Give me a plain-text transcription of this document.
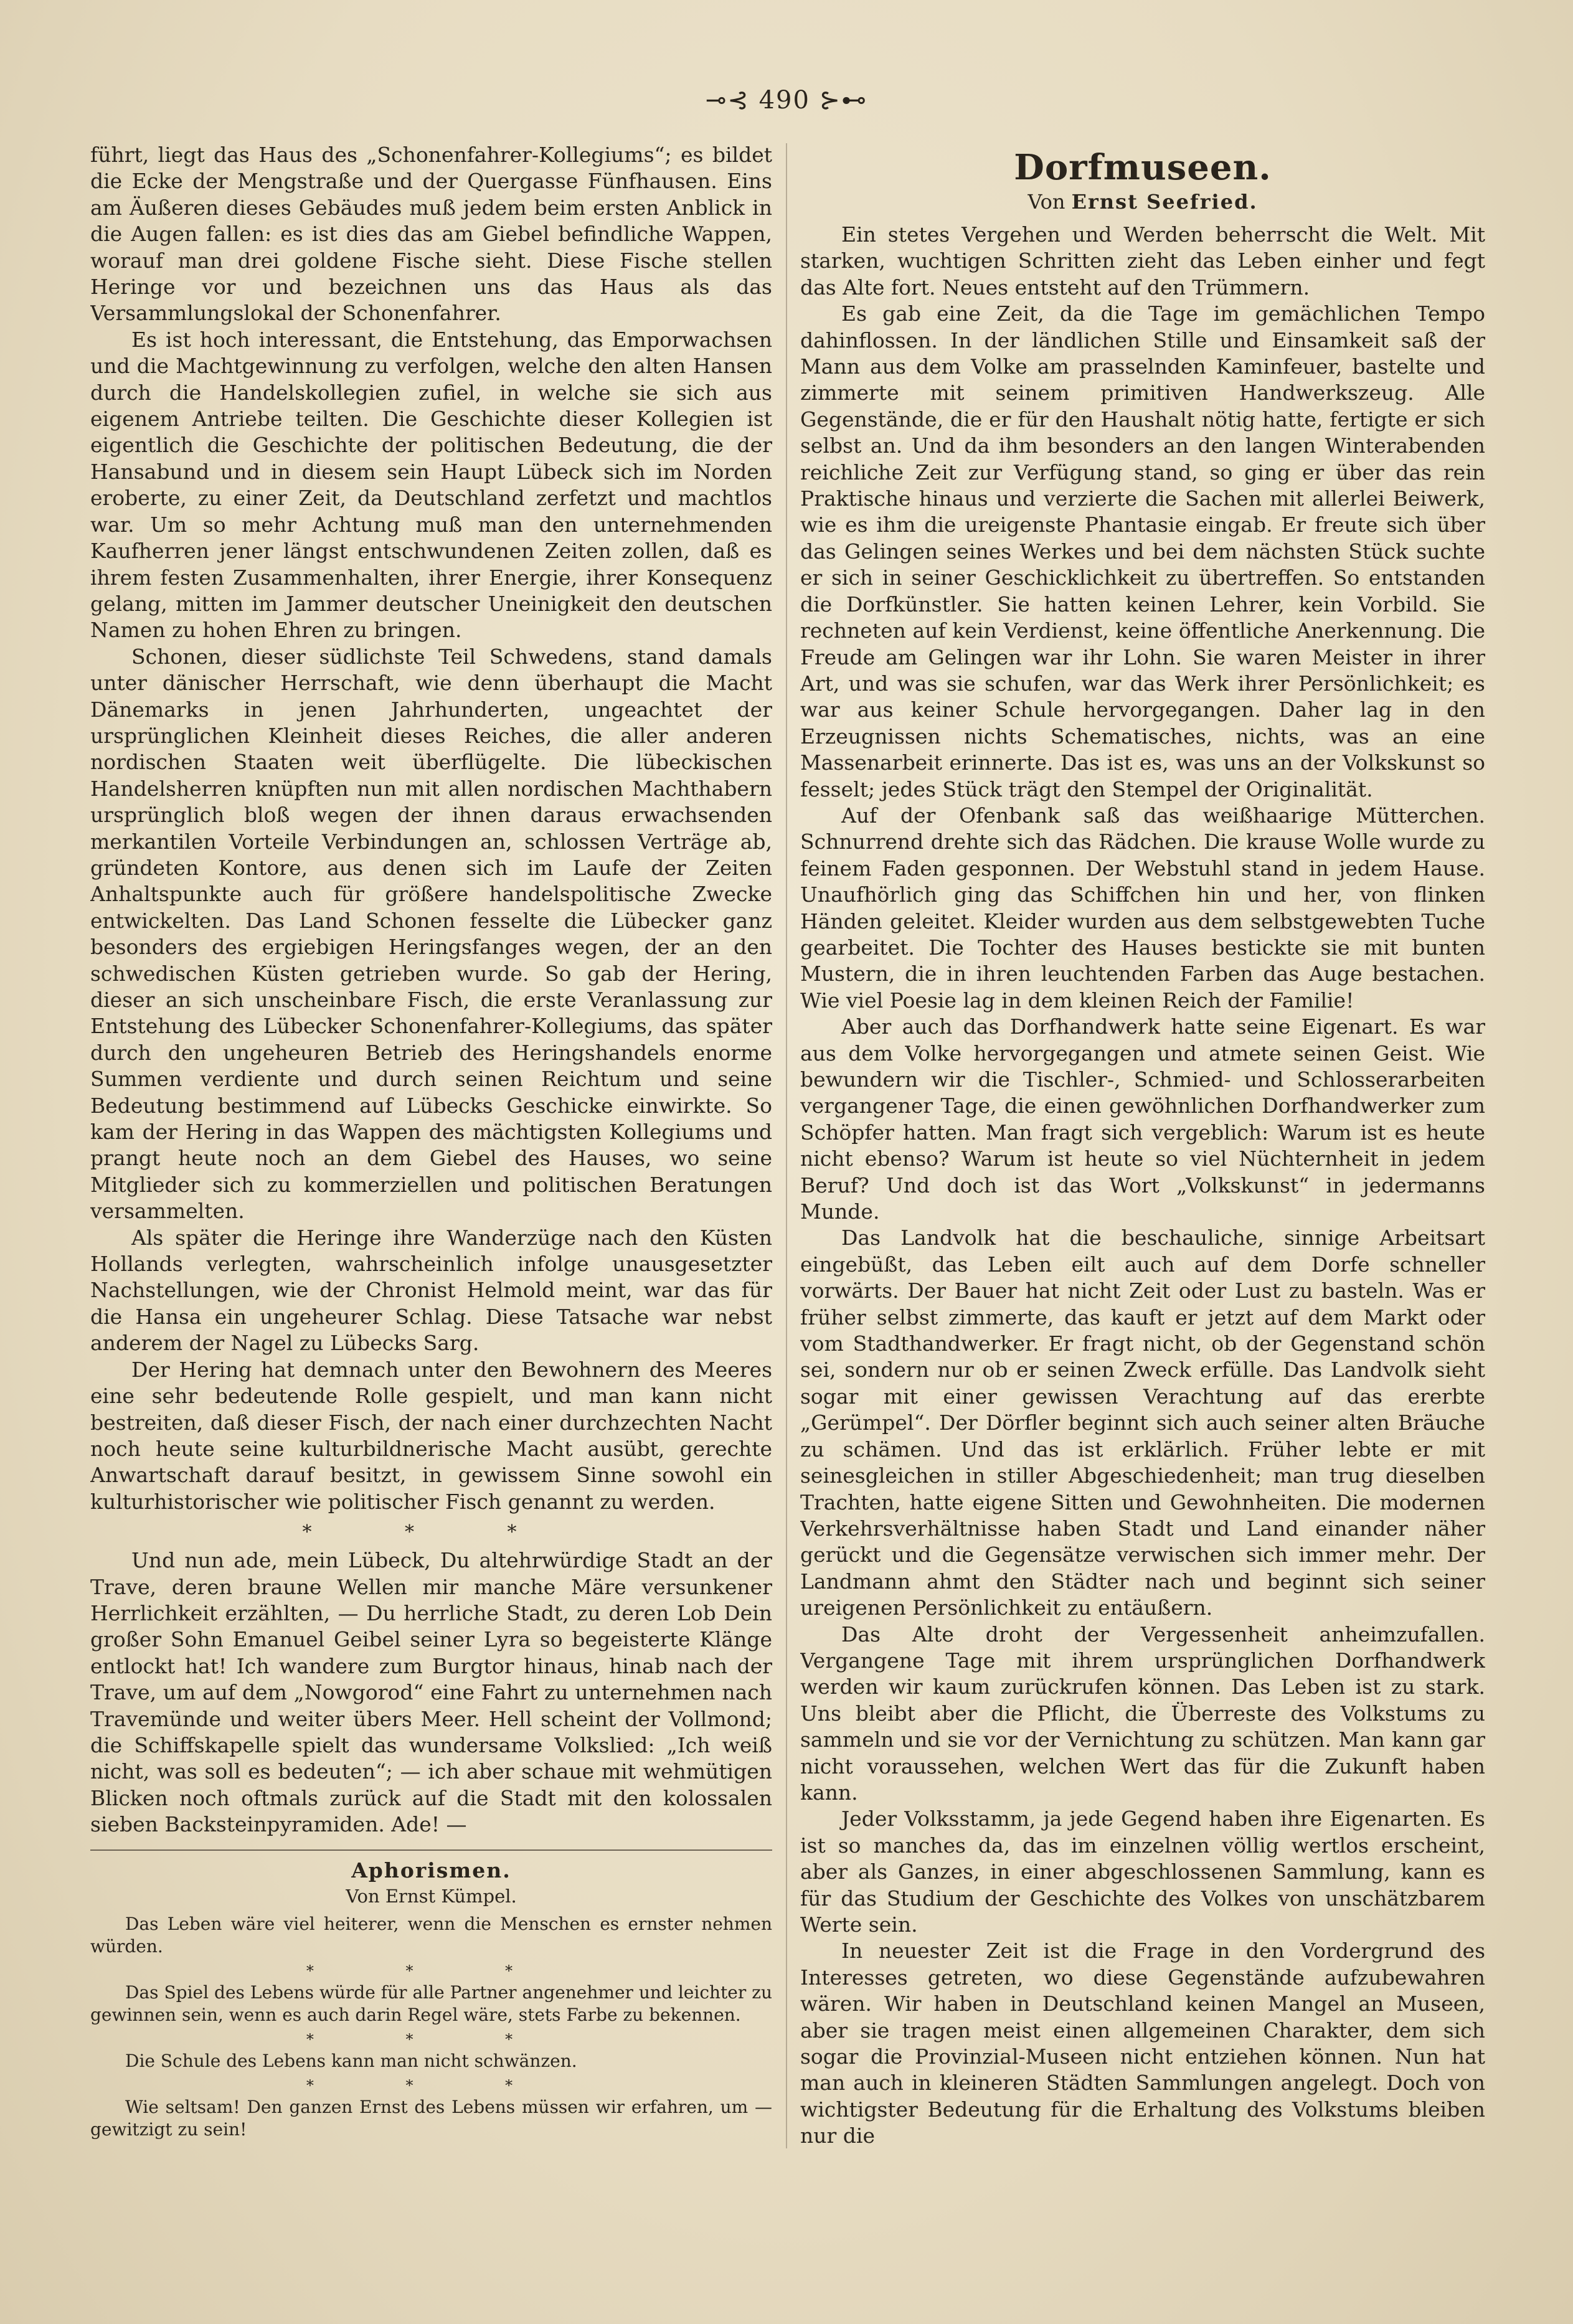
⊸⊰ 490 ⊱⊷

führt, liegt das Haus des „Schonenfahrer-Kollegiums“; es bildet die Ecke der Mengstraße und der Quergasse Fünfhausen. Eins am Äußeren dieses Gebäudes muß jedem beim ersten Anblick in die Augen fallen: es ist dies das am Giebel befindliche Wappen, worauf man drei goldene Fische sieht. Diese Fische stellen Heringe vor und bezeichnen uns das Haus als das Versammlungslokal der Schonenfahrer.

Es ist hoch interessant, die Entstehung, das Emporwachsen und die Machtgewinnung zu verfolgen, welche den alten Hansen durch die Handelskollegien zufiel, in welche sie sich aus eigenem Antriebe teilten. Die Geschichte dieser Kollegien ist eigentlich die Geschichte der politischen Bedeutung, die der Hansabund und in diesem sein Haupt Lübeck sich im Norden eroberte, zu einer Zeit, da Deutschland zerfetzt und machtlos war. Um so mehr Achtung muß man den unternehmenden Kaufherren jener längst entschwundenen Zeiten zollen, daß es ihrem festen Zusammenhalten, ihrer Energie, ihrer Konsequenz gelang, mitten im Jammer deutscher Uneinigkeit den deutschen Namen zu hohen Ehren zu bringen.

Schonen, dieser südlichste Teil Schwedens, stand damals unter dänischer Herrschaft, wie denn überhaupt die Macht Dänemarks in jenen Jahrhunderten, ungeachtet der ursprünglichen Kleinheit dieses Reiches, die aller anderen nordischen Staaten weit überflügelte. Die lübeckischen Handelsherren knüpften nun mit allen nordischen Machthabern ursprünglich bloß wegen der ihnen daraus erwachsenden merkantilen Vorteile Verbindungen an, schlossen Verträge ab, gründeten Kontore, aus denen sich im Laufe der Zeiten Anhaltspunkte auch für größere handelspolitische Zwecke entwickelten. Das Land Schonen fesselte die Lübecker ganz besonders des ergiebigen Heringsfanges wegen, der an den schwedischen Küsten getrieben wurde. So gab der Hering, dieser an sich unscheinbare Fisch, die erste Veranlassung zur Entstehung des Lübecker Schonenfahrer-Kollegiums, das später durch den ungeheuren Betrieb des Heringshandels enorme Summen verdiente und durch seinen Reichtum und seine Bedeutung bestimmend auf Lübecks Geschicke einwirkte. So kam der Hering in das Wappen des mächtigsten Kollegiums und prangt heute noch an dem Giebel des Hauses, wo seine Mitglieder sich zu kommerziellen und politischen Beratungen versammelten.

Als später die Heringe ihre Wanderzüge nach den Küsten Hollands verlegten, wahrscheinlich infolge unausgesetzter Nachstellungen, wie der Chronist Helmold meint, war das für die Hansa ein ungeheurer Schlag. Diese Tatsache war nebst anderem der Nagel zu Lübecks Sarg.

Der Hering hat demnach unter den Bewohnern des Meeres eine sehr bedeutende Rolle gespielt, und man kann nicht bestreiten, daß dieser Fisch, der nach einer durchzechten Nacht noch heute seine kulturbildnerische Macht ausübt, gerechte Anwartschaft darauf besitzt, in gewissem Sinne sowohl ein kulturhistorischer wie politischer Fisch genannt zu werden.

* * *

Und nun ade, mein Lübeck, Du altehrwürdige Stadt an der Trave, deren braune Wellen mir manche Märe versunkener Herrlichkeit erzählten, — Du herrliche Stadt, zu deren Lob Dein großer Sohn Emanuel Geibel seiner Lyra so begeisterte Klänge entlockt hat! Ich wandere zum Burgtor hinaus, hinab nach der Trave, um auf dem „Nowgorod“ eine Fahrt zu unternehmen nach Travemünde und weiter übers Meer. Hell scheint der Vollmond; die Schiffskapelle spielt das wundersame Volkslied: „Ich weiß nicht, was soll es bedeuten“; — ich aber schaue mit wehmütigen Blicken noch oftmals zurück auf die Stadt mit den kolossalen sieben Backsteinpyramiden. Ade! —

Aphorismen.
Von Ernst Kümpel.

Das Leben wäre viel heiterer, wenn die Menschen es ernster nehmen würden.

* * *

Das Spiel des Lebens würde für alle Partner angenehmer und leichter zu gewinnen sein, wenn es auch darin Regel wäre, stets Farbe zu bekennen.

* * *

Die Schule des Lebens kann man nicht schwänzen.

* * *

Wie seltsam! Den ganzen Ernst des Lebens müssen wir erfahren, um — gewitzigt zu sein!

Dorfmuseen.
Von Ernst Seefried.

Ein stetes Vergehen und Werden beherrscht die Welt. Mit starken, wuchtigen Schritten zieht das Leben einher und fegt das Alte fort. Neues entsteht auf den Trümmern.

Es gab eine Zeit, da die Tage im gemächlichen Tempo dahinflossen. In der ländlichen Stille und Einsamkeit saß der Mann aus dem Volke am prasselnden Kaminfeuer, bastelte und zimmerte mit seinem primitiven Handwerkszeug. Alle Gegenstände, die er für den Haushalt nötig hatte, fertigte er sich selbst an. Und da ihm besonders an den langen Winterabenden reichliche Zeit zur Verfügung stand, so ging er über das rein Praktische hinaus und verzierte die Sachen mit allerlei Beiwerk, wie es ihm die ureigenste Phantasie eingab. Er freute sich über das Gelingen seines Werkes und bei dem nächsten Stück suchte er sich in seiner Geschicklichkeit zu übertreffen. So entstanden die Dorfkünstler. Sie hatten keinen Lehrer, kein Vorbild. Sie rechneten auf kein Verdienst, keine öffentliche Anerkennung. Die Freude am Gelingen war ihr Lohn. Sie waren Meister in ihrer Art, und was sie schufen, war das Werk ihrer Persönlichkeit; es war aus keiner Schule hervorgegangen. Daher lag in den Erzeugnissen nichts Schematisches, nichts, was an eine Massenarbeit erinnerte. Das ist es, was uns an der Volkskunst so fesselt; jedes Stück trägt den Stempel der Originalität.

Auf der Ofenbank saß das weißhaarige Mütterchen. Schnurrend drehte sich das Rädchen. Die krause Wolle wurde zu feinem Faden gesponnen. Der Webstuhl stand in jedem Hause. Unaufhörlich ging das Schiffchen hin und her, von flinken Händen geleitet. Kleider wurden aus dem selbstgewebten Tuche gearbeitet. Die Tochter des Hauses bestickte sie mit bunten Mustern, die in ihren leuchtenden Farben das Auge bestachen. Wie viel Poesie lag in dem kleinen Reich der Familie!

Aber auch das Dorfhandwerk hatte seine Eigenart. Es war aus dem Volke hervorgegangen und atmete seinen Geist. Wie bewundern wir die Tischler-, Schmied- und Schlosserarbeiten vergangener Tage, die einen gewöhnlichen Dorfhandwerker zum Schöpfer hatten. Man fragt sich vergeblich: Warum ist es heute nicht ebenso? Warum ist heute so viel Nüchternheit in jedem Beruf? Und doch ist das Wort „Volkskunst“ in jedermanns Munde.

Das Landvolk hat die beschauliche, sinnige Arbeitsart eingebüßt, das Leben eilt auch auf dem Dorfe schneller vorwärts. Der Bauer hat nicht Zeit oder Lust zu basteln. Was er früher selbst zimmerte, das kauft er jetzt auf dem Markt oder vom Stadthandwerker. Er fragt nicht, ob der Gegenstand schön sei, sondern nur ob er seinen Zweck erfülle. Das Landvolk sieht sogar mit einer gewissen Verachtung auf das ererbte „Gerümpel“. Der Dörfler beginnt sich auch seiner alten Bräuche zu schämen. Und das ist erklärlich. Früher lebte er mit seinesgleichen in stiller Abgeschiedenheit; man trug dieselben Trachten, hatte eigene Sitten und Gewohnheiten. Die modernen Verkehrsverhältnisse haben Stadt und Land einander näher gerückt und die Gegensätze verwischen sich immer mehr. Der Landmann ahmt den Städter nach und beginnt sich seiner ureigenen Persönlichkeit zu entäußern.

Das Alte droht der Vergessenheit anheimzufallen. Vergangene Tage mit ihrem ursprünglichen Dorfhandwerk werden wir kaum zurückrufen können. Das Leben ist zu stark. Uns bleibt aber die Pflicht, die Überreste des Volkstums zu sammeln und sie vor der Vernichtung zu schützen. Man kann gar nicht voraussehen, welchen Wert das für die Zukunft haben kann.

Jeder Volksstamm, ja jede Gegend haben ihre Eigenarten. Es ist so manches da, das im einzelnen völlig wertlos erscheint, aber als Ganzes, in einer abgeschlossenen Sammlung, kann es für das Studium der Geschichte des Volkes von unschätzbarem Werte sein.

In neuester Zeit ist die Frage in den Vordergrund des Interesses getreten, wo diese Gegenstände aufzubewahren wären. Wir haben in Deutschland keinen Mangel an Museen, aber sie tragen meist einen allgemeinen Charakter, dem sich sogar die Provinzial-Museen nicht entziehen können. Nun hat man auch in kleineren Städten Sammlungen angelegt. Doch von wichtigster Bedeutung für die Erhaltung des Volkstums bleiben nur die
